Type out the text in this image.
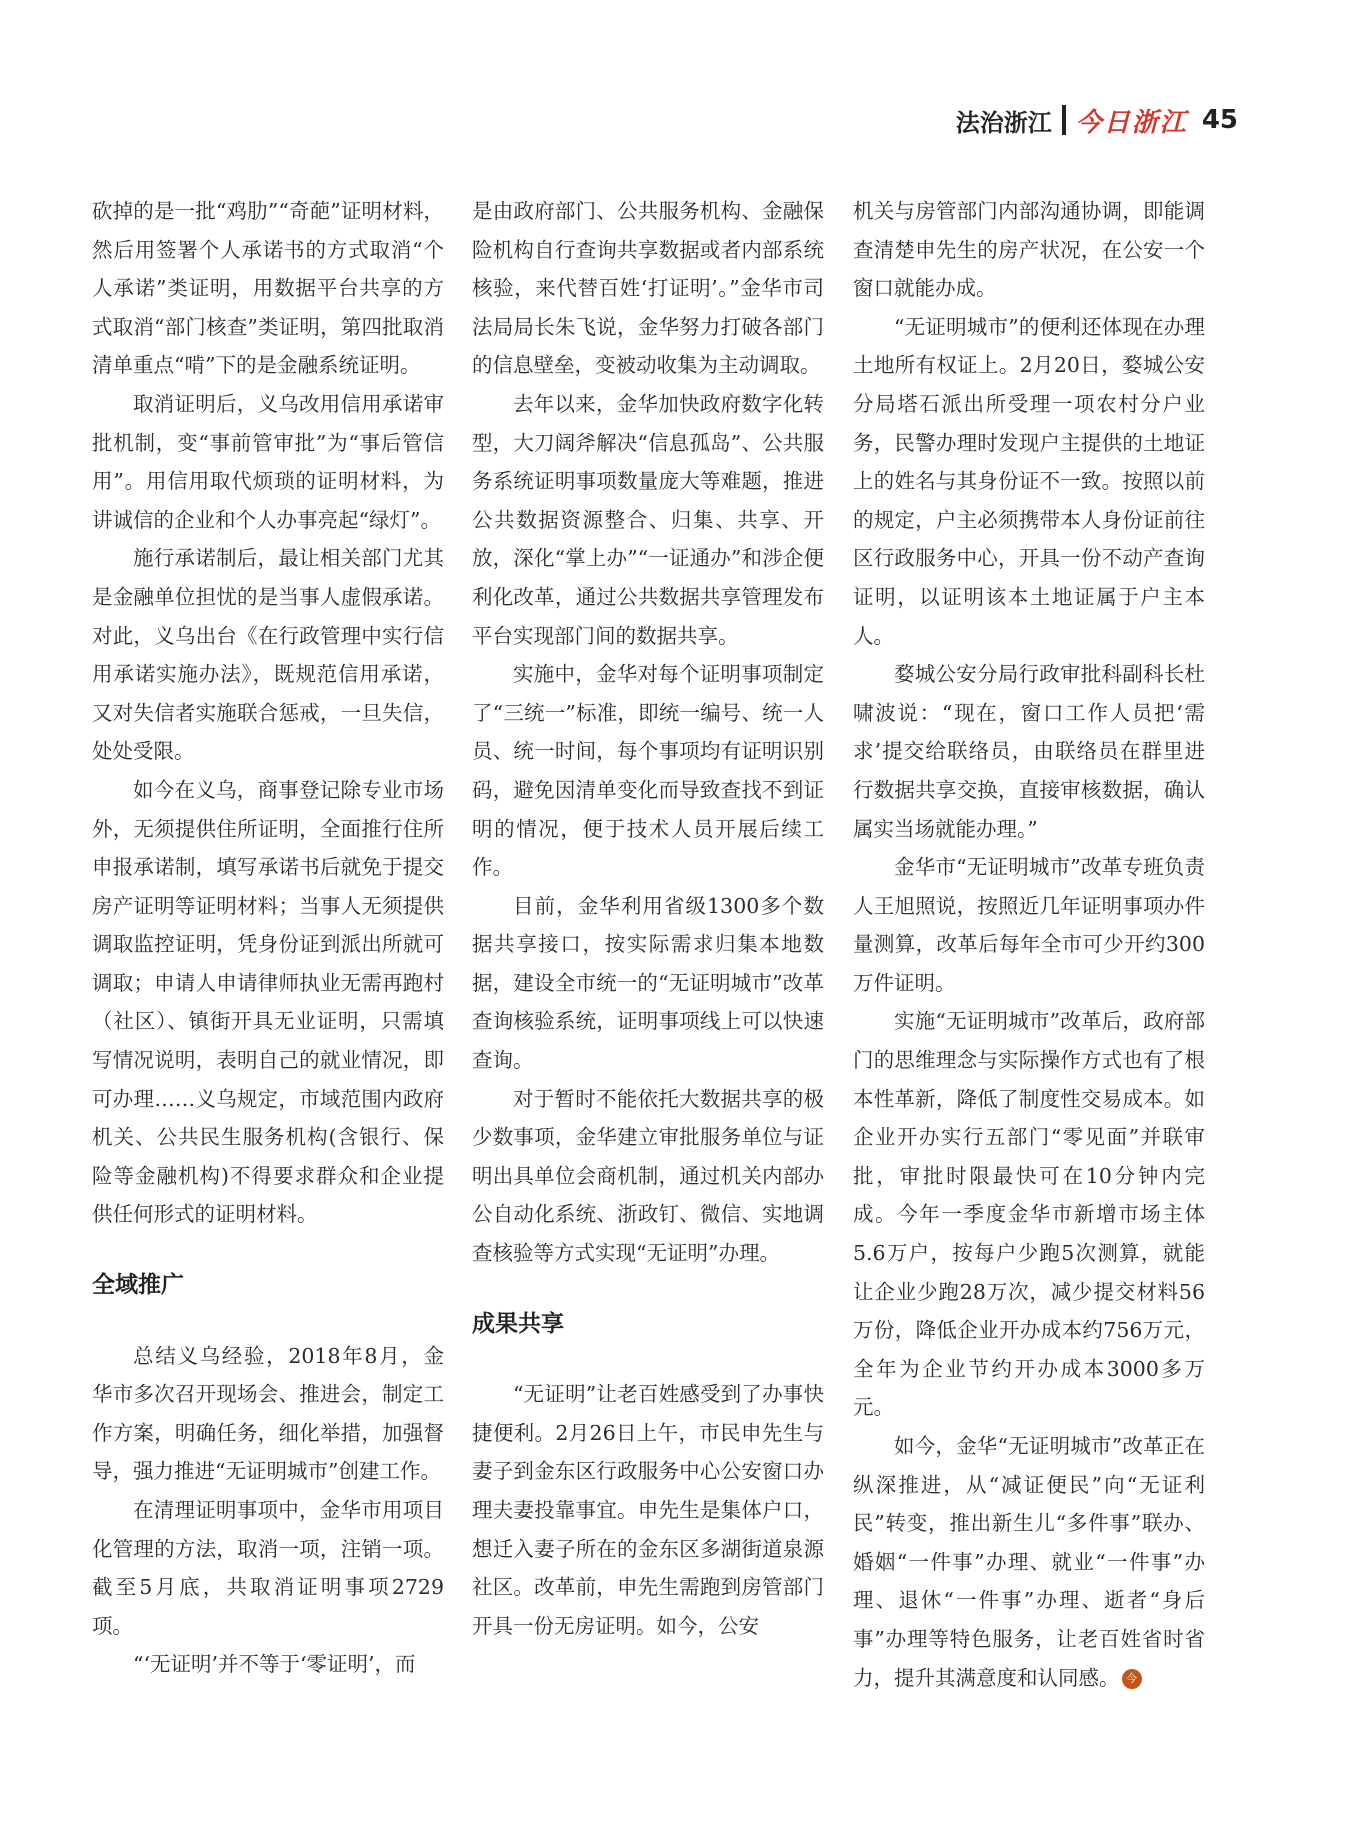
法治浙江 今日浙江 45

砍掉的是一批“鸡肋”“奇葩”证明材料，然后用签署个人承诺书的方式取消“个人承诺”类证明，用数据平台共享的方式取消“部门核查”类证明，第四批取消清单重点“啃”下的是金融系统证明。

取消证明后，义乌改用信用承诺审批机制，变“事前管审批”为“事后管信用”。用信用取代烦琐的证明材料，为讲诚信的企业和个人办事亮起“绿灯”。

施行承诺制后，最让相关部门尤其是金融单位担忧的是当事人虚假承诺。对此，义乌出台《在行政管理中实行信用承诺实施办法》，既规范信用承诺，又对失信者实施联合惩戒，一旦失信，处处受限。

如今在义乌，商事登记除专业市场外，无须提供住所证明，全面推行住所申报承诺制，填写承诺书后就免于提交房产证明等证明材料；当事人无须提供调取监控证明，凭身份证到派出所就可调取；申请人申请律师执业无需再跑村（社区）、镇街开具无业证明，只需填写情况说明，表明自己的就业情况，即可办理……义乌规定，市域范围内政府机关、公共民生服务机构(含银行、保险等金融机构)不得要求群众和企业提供任何形式的证明材料。

全域推广

总结义乌经验，2018年8月，金华市多次召开现场会、推进会，制定工作方案，明确任务，细化举措，加强督导，强力推进“无证明城市”创建工作。

在清理证明事项中，金华市用项目化管理的方法，取消一项，注销一项。截至5月底，共取消证明事项2729项。

“‘无证明’并不等于‘零证明’，而

是由政府部门、公共服务机构、金融保险机构自行查询共享数据或者内部系统核验，来代替百姓‘打证明’。”金华市司法局局长朱飞说，金华努力打破各部门的信息壁垒，变被动收集为主动调取。

去年以来，金华加快政府数字化转型，大刀阔斧解决“信息孤岛”、公共服务系统证明事项数量庞大等难题，推进公共数据资源整合、归集、共享、开放，深化“掌上办”“一证通办”和涉企便利化改革，通过公共数据共享管理发布平台实现部门间的数据共享。

实施中，金华对每个证明事项制定了“三统一”标准，即统一编号、统一人员、统一时间，每个事项均有证明识别码，避免因清单变化而导致查找不到证明的情况，便于技术人员开展后续工作。

目前，金华利用省级1300多个数据共享接口，按实际需求归集本地数据，建设全市统一的“无证明城市”改革查询核验系统，证明事项线上可以快速查询。

对于暂时不能依托大数据共享的极少数事项，金华建立审批服务单位与证明出具单位会商机制，通过机关内部办公自动化系统、浙政钉、微信、实地调查核验等方式实现“无证明”办理。

成果共享

“无证明”让老百姓感受到了办事快捷便利。2月26日上午，市民申先生与妻子到金东区行政服务中心公安窗口办理夫妻投靠事宜。申先生是集体户口，想迁入妻子所在的金东区多湖街道泉源社区。改革前，申先生需跑到房管部门开具一份无房证明。如今，公安

机关与房管部门内部沟通协调，即能调查清楚申先生的房产状况，在公安一个窗口就能办成。

“无证明城市”的便利还体现在办理土地所有权证上。2月20日，婺城公安分局塔石派出所受理一项农村分户业务，民警办理时发现户主提供的土地证上的姓名与其身份证不一致。按照以前的规定，户主必须携带本人身份证前往区行政服务中心，开具一份不动产查询证明，以证明该本土地证属于户主本人。

婺城公安分局行政审批科副科长杜啸波说：“现在，窗口工作人员把‘需求’提交给联络员，由联络员在群里进行数据共享交换，直接审核数据，确认属实当场就能办理。”

金华市“无证明城市”改革专班负责人王旭照说，按照近几年证明事项办件量测算，改革后每年全市可少开约300万件证明。

实施“无证明城市”改革后，政府部门的思维理念与实际操作方式也有了根本性革新，降低了制度性交易成本。如企业开办实行五部门“零见面”并联审批，审批时限最快可在10分钟内完成。今年一季度金华市新增市场主体5.6万户，按每户少跑5次测算，就能让企业少跑28万次，减少提交材料56万份，降低企业开办成本约756万元，全年为企业节约开办成本3000多万元。

如今，金华“无证明城市”改革正在纵深推进，从“减证便民”向“无证利民”转变，推出新生儿“多件事”联办、婚姻“一件事”办理、就业“一件事”办理、退休“一件事”办理、逝者“身后事”办理等特色服务，让老百姓省时省力，提升其满意度和认同感。 今
